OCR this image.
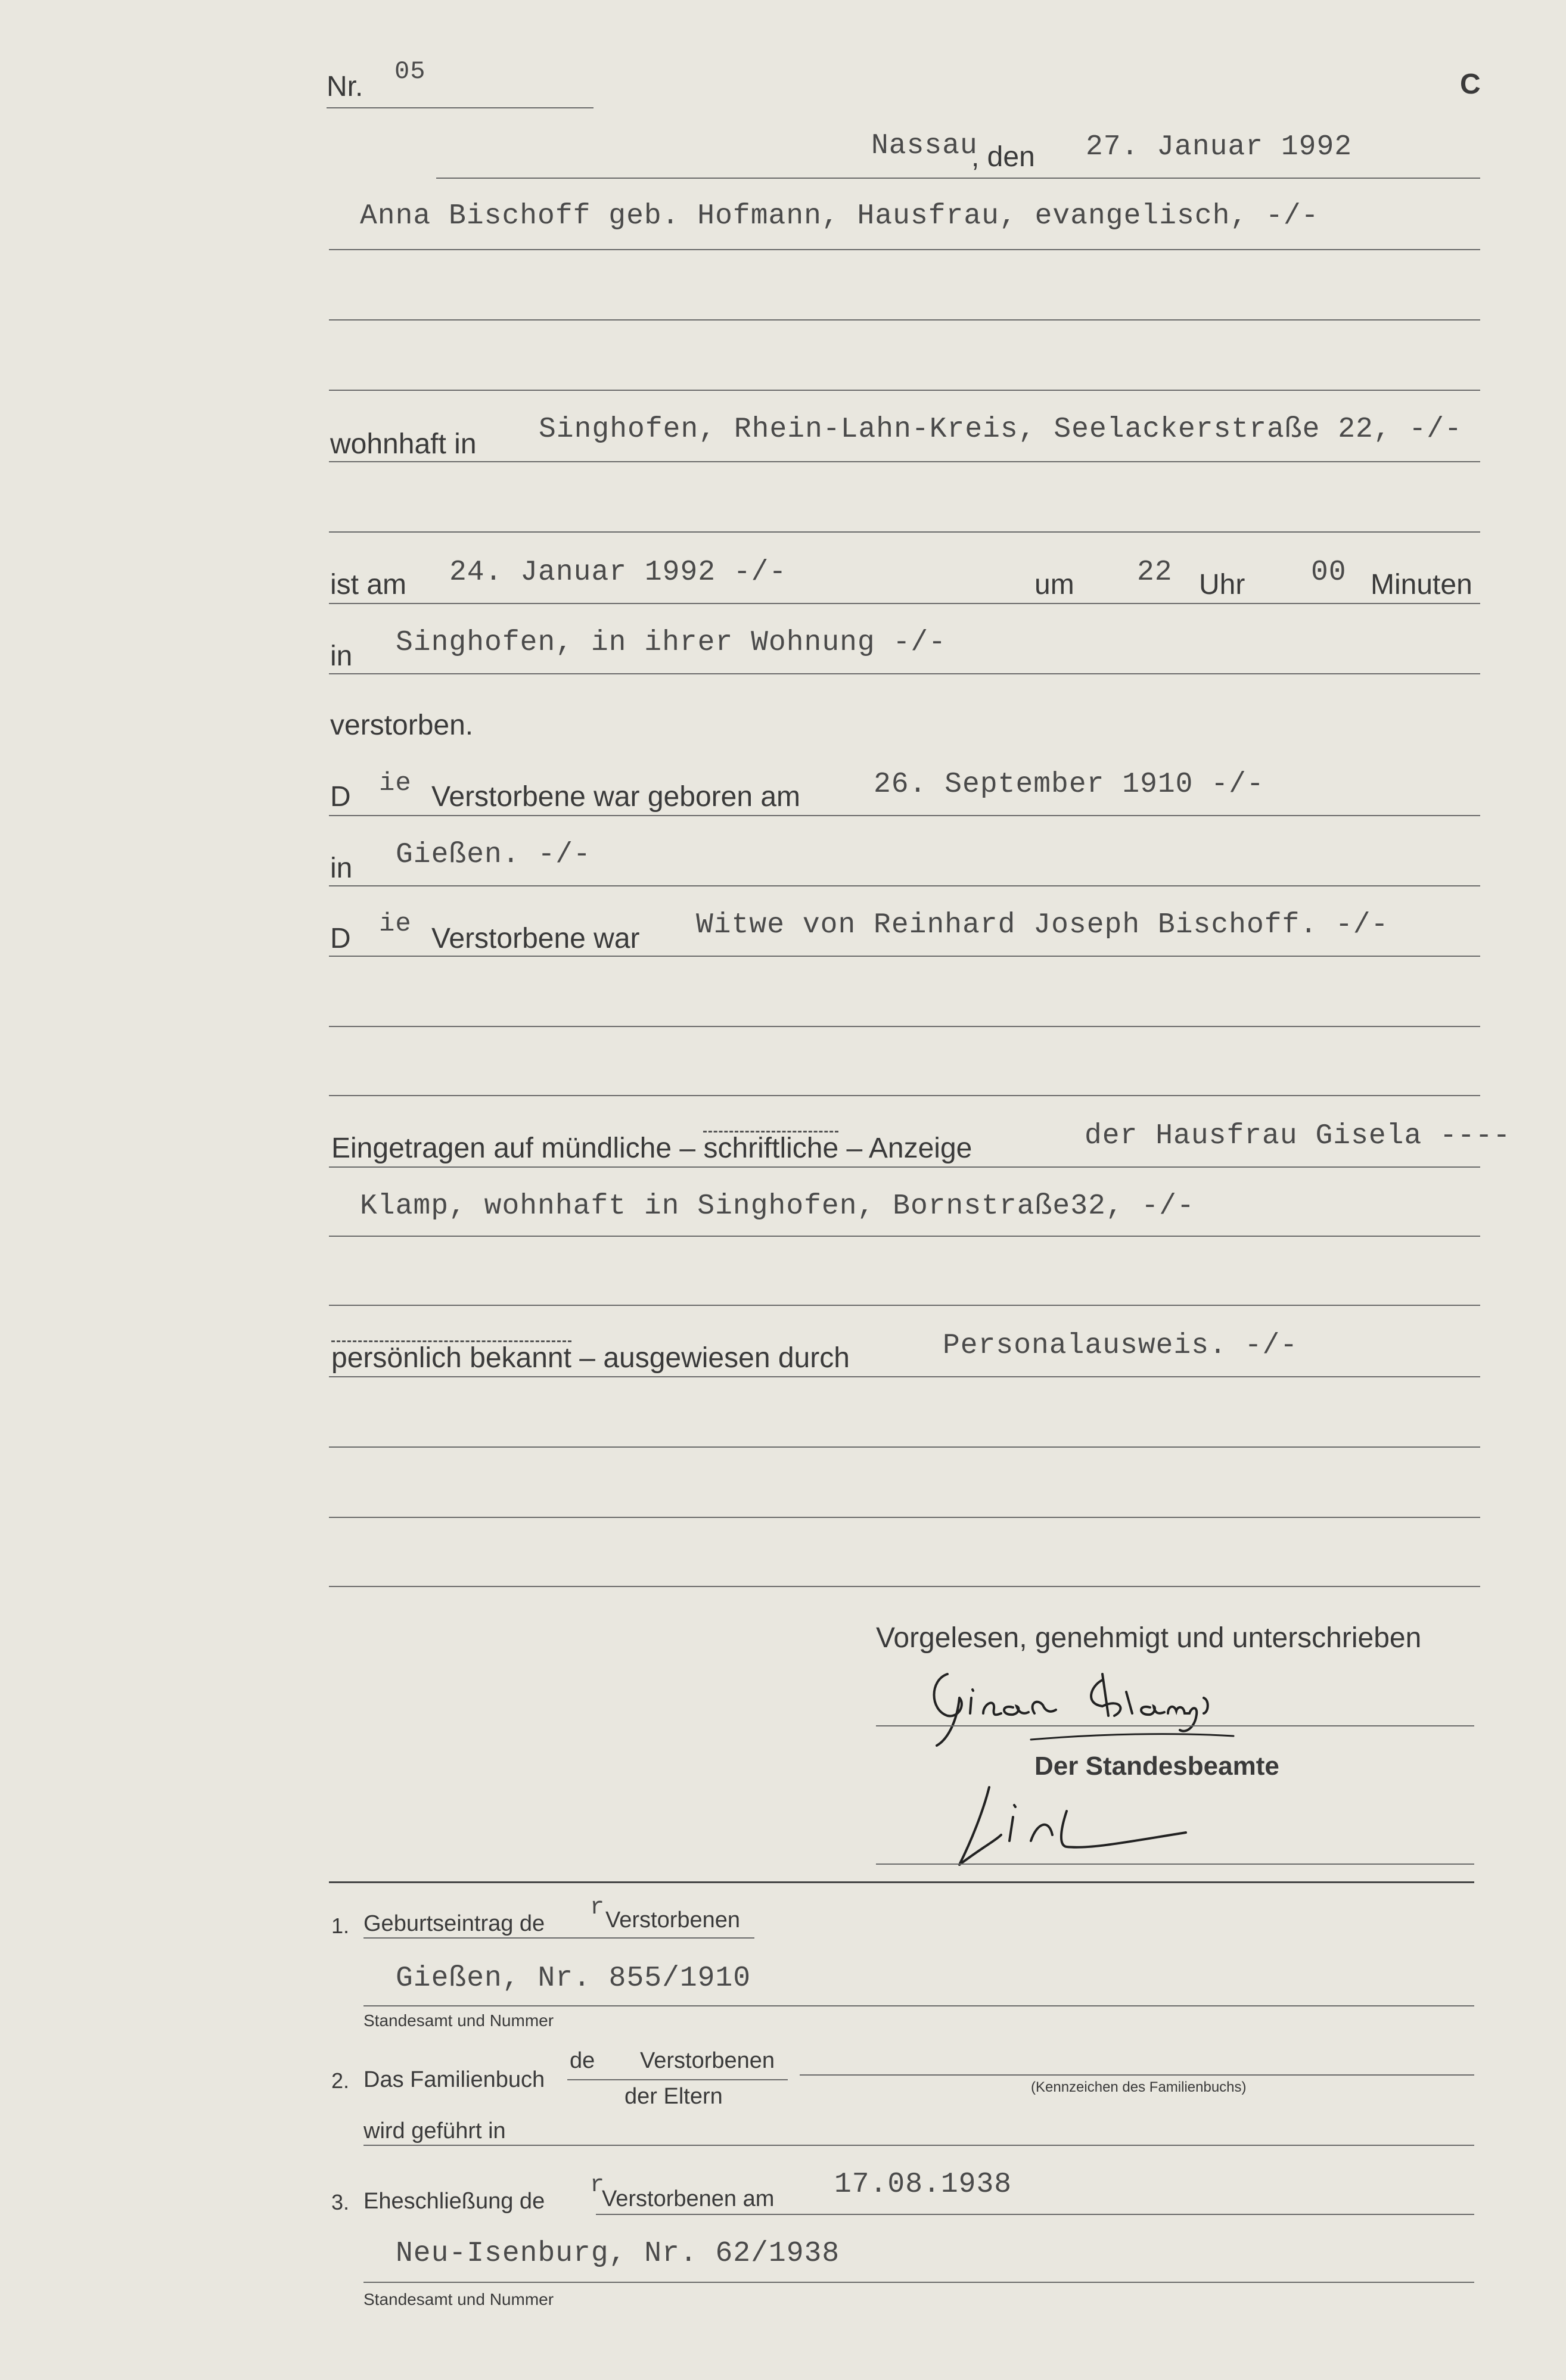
Nr. 05	C
Nassau
, den 27. Januar 1992
Anna Bischoff geb. Hofmann, Hausfrau, evangelisch, -/-
wohnhaft in Singhofen, Rhein-Lahn-Kreis, Seelackerstraße 22, -/-
ist am 24. Januar 1992 -/-	um 22 Uhr 00 Minuten
in Singhofen, in ihrer Wohnung -/-
verstorben.
D ie Verstorbene war geboren am	26. September 1910 -/-
in Gießen. -/-
D ie Verstorbene war Witwe von Reinhard Joseph Bischoff. -/-
Eingetragen auf mündliche – schriftliche – Anzeige	der Hausfrau Gisela ----
Klamp, wohnhaft in Singhofen, Bornstraße32, -/-
persönlich bekannt – ausgewiesen durch	Personalausweis. -/-
Vorgelesen, genehmigt und unterschrieben
Der Standesbeamte
1. Geburtseintrag de
r Verstorbenen
Gießen, Nr. 855/1910
Standesamt und Nummer
2. Das Familienbuch
de Verstorbenen
der Eltern	(Kennzeichen des Familienbuchs)
wird geführt in
3. Eheschließung de
r
Verstorbenen am 17.08.1938
Neu-Isenburg, Nr. 62/1938
Standesamt und Nummer
